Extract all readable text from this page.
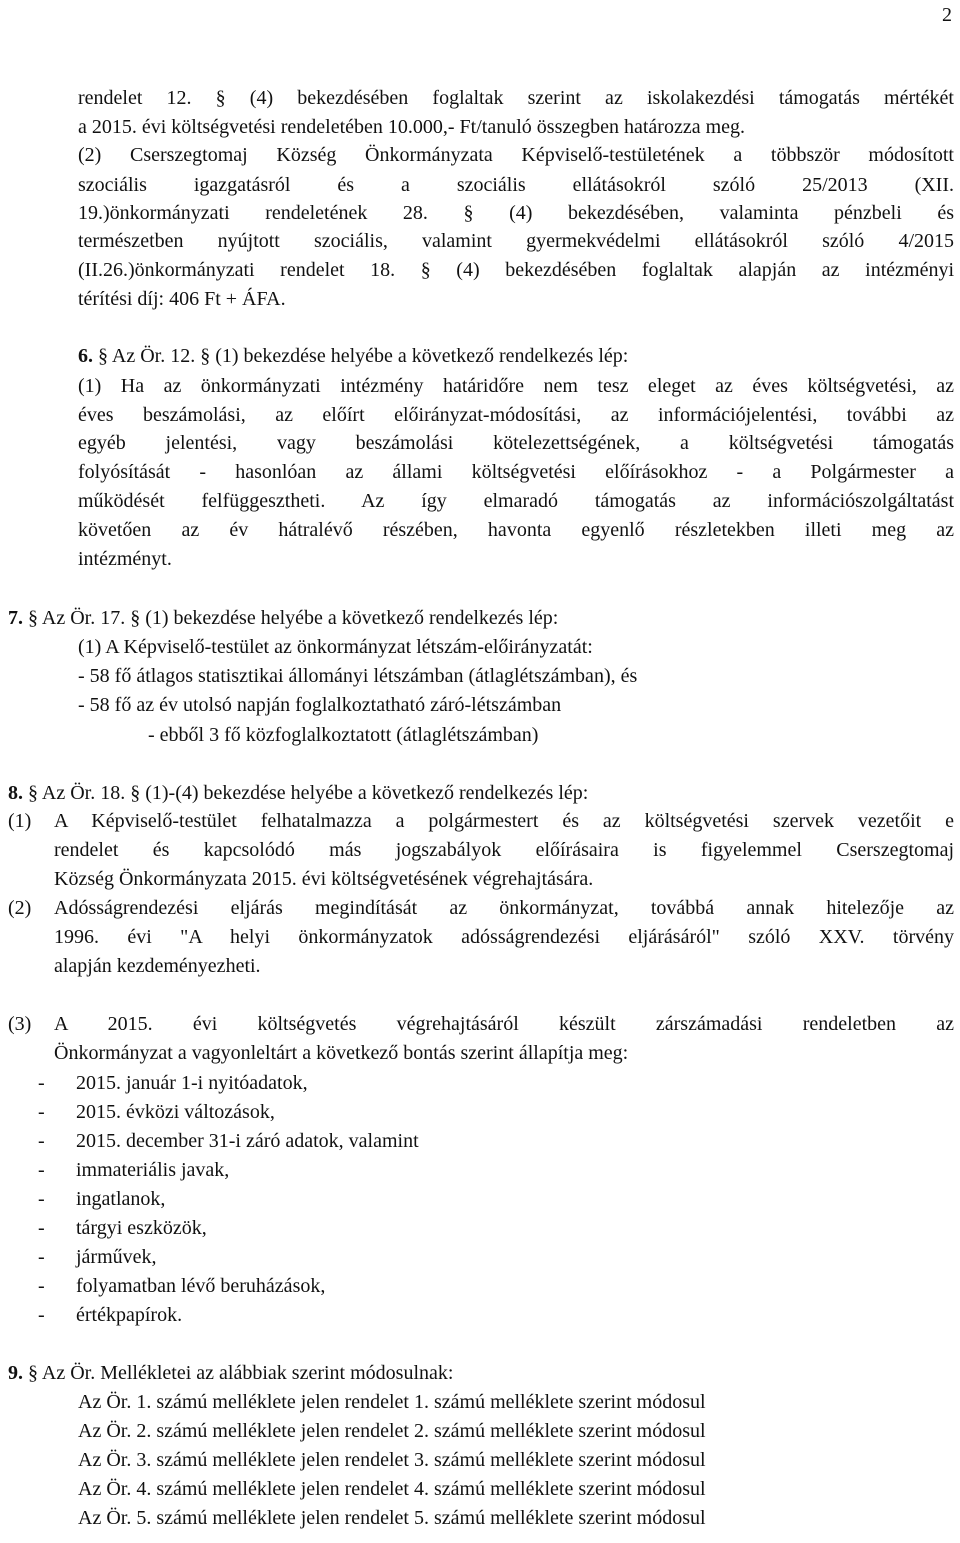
2
rendelet 12. § (4) bekezdésében foglaltak szerint az iskolakezdési támogatás mértékét
a 2015. évi költségvetési rendeletében 10.000,- Ft/tanuló összegben határozza meg.
(2) Cserszegtomaj Község Önkormányzata Képviselő-testületének a többször módosított
szociális igazgatásról és a szociális ellátásokról szóló 25/2013 (XII.
19.)önkormányzati rendeletének 28. § (4) bekezdésében, valaminta pénzbeli és
természetben nyújtott szociális, valamint gyermekvédelmi ellátásokról szóló 4/2015
(II.26.)önkormányzati rendelet 18. § (4) bekezdésében foglaltak alapján az intézményi
térítési díj: 406 Ft + ÁFA.
6. § Az Ör. 12. § (1) bekezdése helyébe a következő rendelkezés lép:
(1) Ha az önkormányzati intézmény határidőre nem tesz eleget az éves költségvetési, az
éves beszámolási, az előírt előirányzat-módosítási, az információjelentési, további az
egyéb jelentési, vagy beszámolási kötelezettségének, a költségvetési támogatás
folyósítását - hasonlóan az állami költségvetési előírásokhoz - a Polgármester a
működését felfüggesztheti. Az így elmaradó támogatás az információszolgáltatást
követően az év hátralévő részében, havonta egyenlő részletekben illeti meg az
intézményt.
7. § Az Ör. 17. § (1) bekezdése helyébe a következő rendelkezés lép:
(1) A Képviselő-testület az önkormányzat létszám-előirányzatát:
- 58 fő átlagos statisztikai állományi létszámban (átlaglétszámban), és
- 58 fő az év utolsó napján foglalkoztatható záró-létszámban
- ebből 3 fő közfoglalkoztatott (átlaglétszámban)
8. § Az Ör. 18. § (1)-(4) bekezdése helyébe a következő rendelkezés lép:
(1) A Képviselő-testület felhatalmazza a polgármestert és az költségvetési szervek vezetőit e
rendelet és kapcsolódó más jogszabályok előírásaira is figyelemmel Cserszegtomaj
Község Önkormányzata 2015. évi költségvetésének végrehajtására.
(2) Adósságrendezési eljárás megindítását az önkormányzat, továbbá annak hitelezője az
1996. évi "A helyi önkormányzatok adósságrendezési eljárásáról" szóló XXV. törvény
alapján kezdeményezheti.
(3) A 2015. évi költségvetés végrehajtásáról készült zárszámadási rendeletben az
Önkormányzat a vagyonleltárt a következő bontás szerint állapítja meg:
- 2015. január 1-i nyitóadatok,
- 2015. évközi változások,
- 2015. december 31-i záró adatok, valamint
- immateriális javak,
- ingatlanok,
- tárgyi eszközök,
- járművek,
- folyamatban lévő beruházások,
- értékpapírok.
9. § Az Ör. Mellékletei az alábbiak szerint módosulnak:
Az Ör. 1. számú melléklete jelen rendelet 1. számú melléklete szerint módosul
Az Ör. 2. számú melléklete jelen rendelet 2. számú melléklete szerint módosul
Az Ör. 3. számú melléklete jelen rendelet 3. számú melléklete szerint módosul
Az Ör. 4. számú melléklete jelen rendelet 4. számú melléklete szerint módosul
Az Ör. 5. számú melléklete jelen rendelet 5. számú melléklete szerint módosul
